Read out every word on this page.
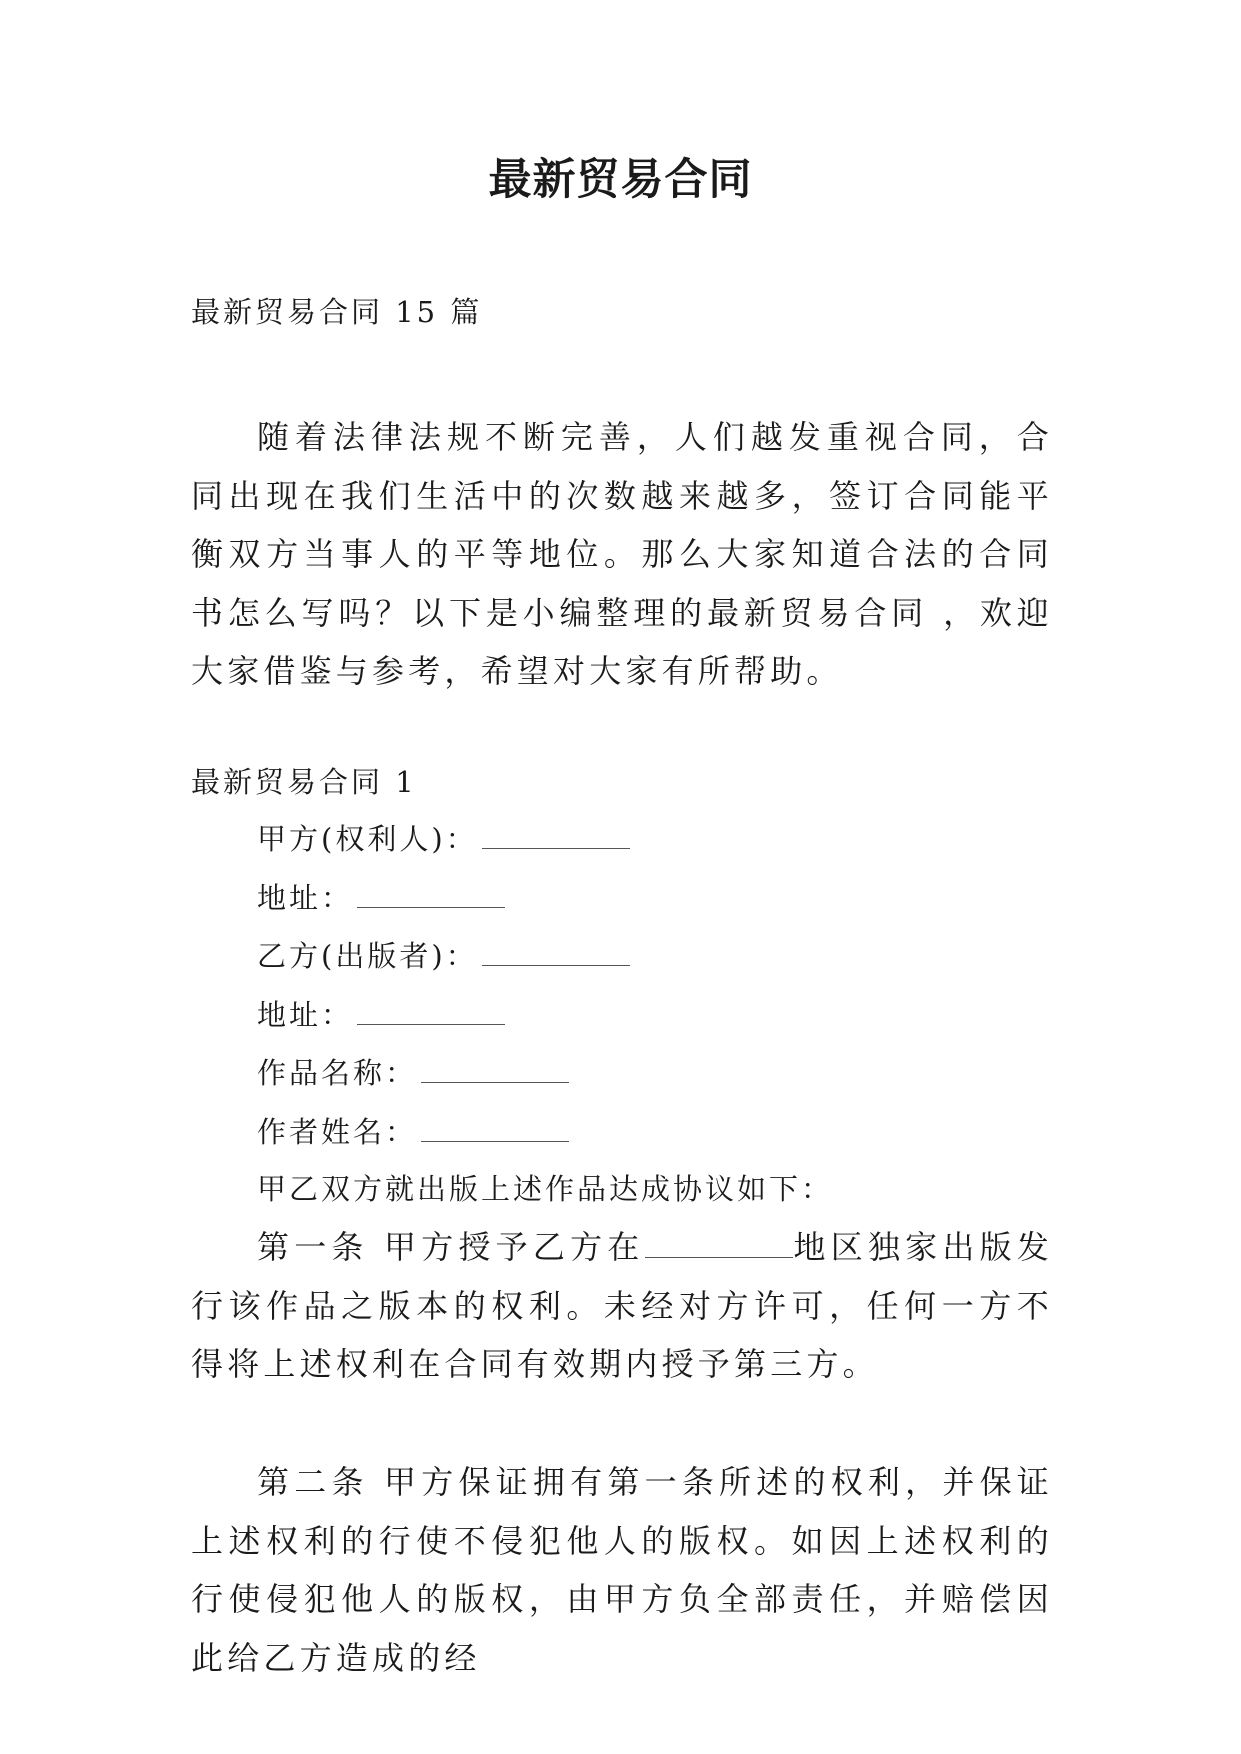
最新贸易合同
最新贸易合同 15 篇

随着法律法规不断完善，人们越发重视合同，合同出现在我们生活中的次数越来越多，签订合同能平衡双方当事人的平等地位。那么大家知道合法的合同书怎么写吗？以下是小编整理的最新贸易合同 ，欢迎大家借鉴与参考，希望对大家有所帮助。

最新贸易合同 1
甲方(权利人)：
地址：
乙方(出版者)：
地址：
作品名称：
作者姓名：

甲乙双方就出版上述作品达成协议如下：

第一条 甲方授予乙方在	地区独家出版发行该作品之版本的权利。未经对方许可，任何一方不得将上述权利在合同有效期内授予第三方。

第二条 甲方保证拥有第一条所述的权利，并保证上述权利的行使不侵犯他人的版权。如因上述权利的行使侵犯他人的版权，由甲方负全部责任，并赔偿因此给乙方造成的经
